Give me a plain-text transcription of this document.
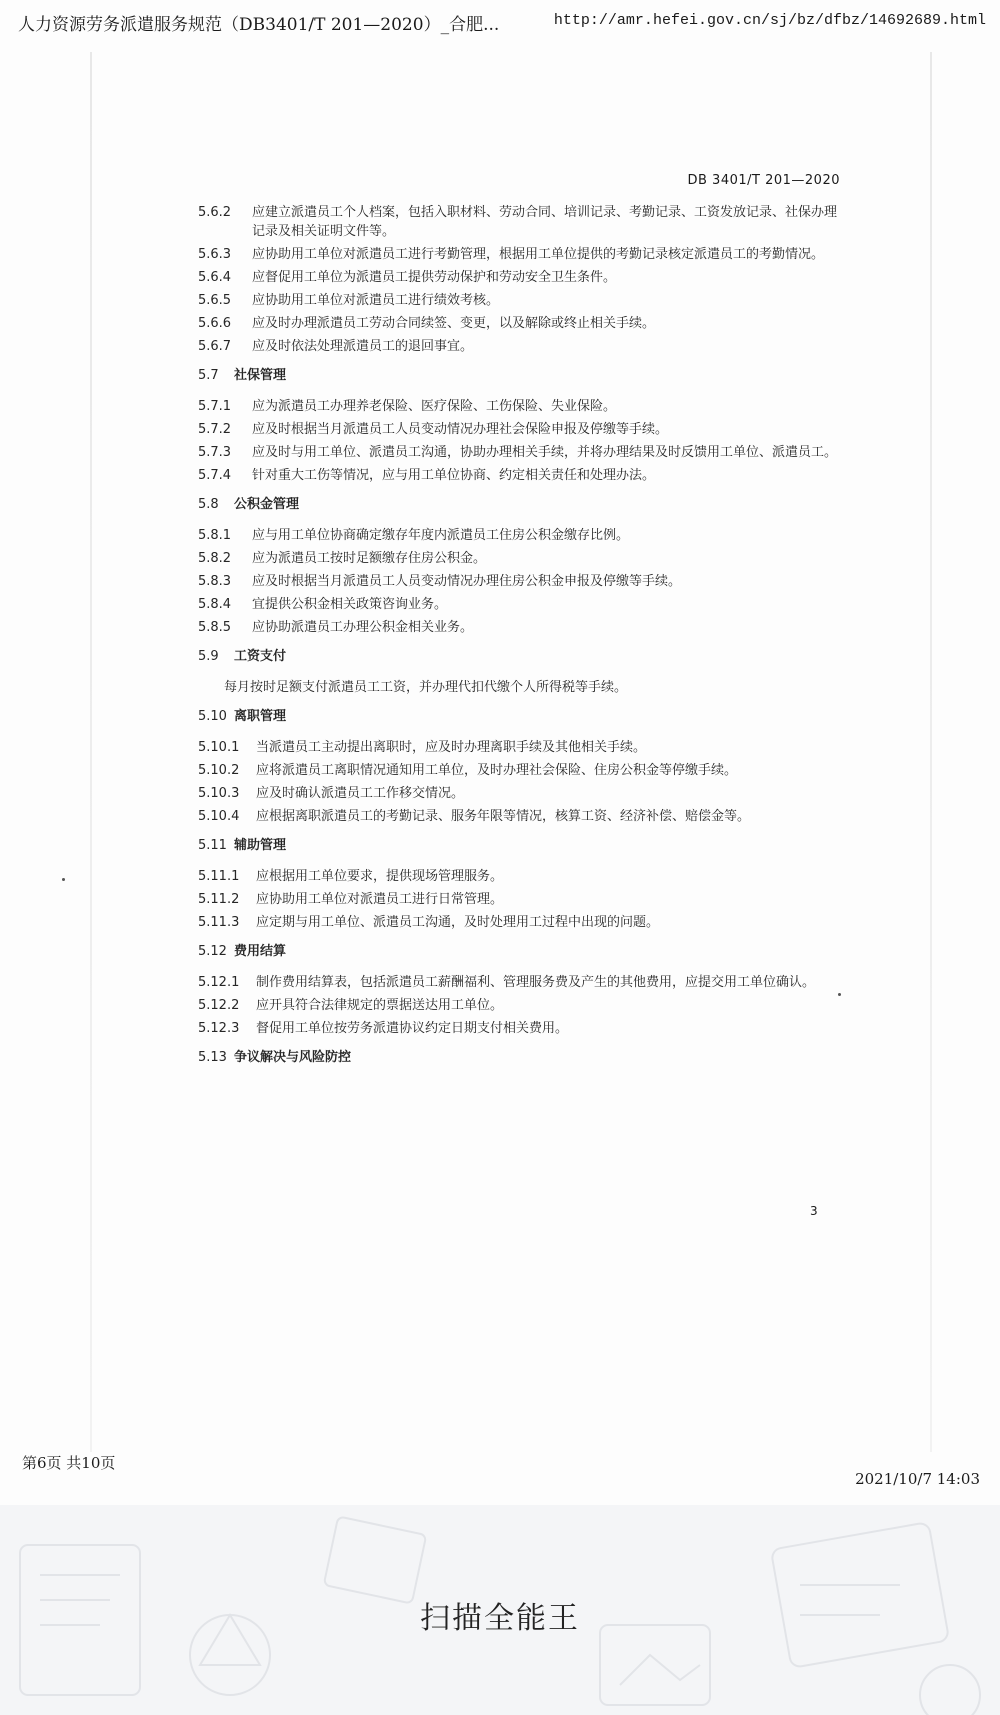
人力资源劳务派遣服务规范（DB3401/T 201—2020）_合肥...	http://amr.hefei.gov.cn/sj/bz/dfbz/14692689.html
DB 3401/T 201—2020
5.6.2	应建立派遣员工个人档案，包括入职材料、劳动合同、培训记录、考勤记录、工资发放记录、社保办理记录及相关证明文件等。
5.6.3	应协助用工单位对派遣员工进行考勤管理，根据用工单位提供的考勤记录核定派遣员工的考勤情况。
5.6.4	应督促用工单位为派遣员工提供劳动保护和劳动安全卫生条件。
5.6.5	应协助用工单位对派遣员工进行绩效考核。
5.6.6	应及时办理派遣员工劳动合同续签、变更，以及解除或终止相关手续。
5.6.7	应及时依法处理派遣员工的退回事宜。
5.7 社保管理
5.7.1	应为派遣员工办理养老保险、医疗保险、工伤保险、失业保险。
5.7.2	应及时根据当月派遣员工人员变动情况办理社会保险申报及停缴等手续。
5.7.3	应及时与用工单位、派遣员工沟通，协助办理相关手续，并将办理结果及时反馈用工单位、派遣员工。
5.7.4	针对重大工伤等情况，应与用工单位协商、约定相关责任和处理办法。
5.8 公积金管理
5.8.1	应与用工单位协商确定缴存年度内派遣员工住房公积金缴存比例。
5.8.2	应为派遣员工按时足额缴存住房公积金。
5.8.3	应及时根据当月派遣员工人员变动情况办理住房公积金申报及停缴等手续。
5.8.4	宜提供公积金相关政策咨询业务。
5.8.5	应协助派遣员工办理公积金相关业务。
5.9 工资支付
每月按时足额支付派遣员工工资，并办理代扣代缴个人所得税等手续。
5.10 离职管理
5.10.1	当派遣员工主动提出离职时，应及时办理离职手续及其他相关手续。
5.10.2	应将派遣员工离职情况通知用工单位，及时办理社会保险、住房公积金等停缴手续。
5.10.3	应及时确认派遣员工工作移交情况。
5.10.4	应根据离职派遣员工的考勤记录、服务年限等情况，核算工资、经济补偿、赔偿金等。
5.11 辅助管理
5.11.1	应根据用工单位要求，提供现场管理服务。
5.11.2	应协助用工单位对派遣员工进行日常管理。
5.11.3	应定期与用工单位、派遣员工沟通，及时处理用工过程中出现的问题。
5.12 费用结算
5.12.1	制作费用结算表，包括派遣员工薪酬福利、管理服务费及产生的其他费用，应提交用工单位确认。
5.12.2	应开具符合法律规定的票据送达用工单位。
5.12.3	督促用工单位按劳务派遣协议约定日期支付相关费用。
5.13 争议解决与风险防控
3
第6页 共10页
2021/10/7 14:03
扫描全能王
